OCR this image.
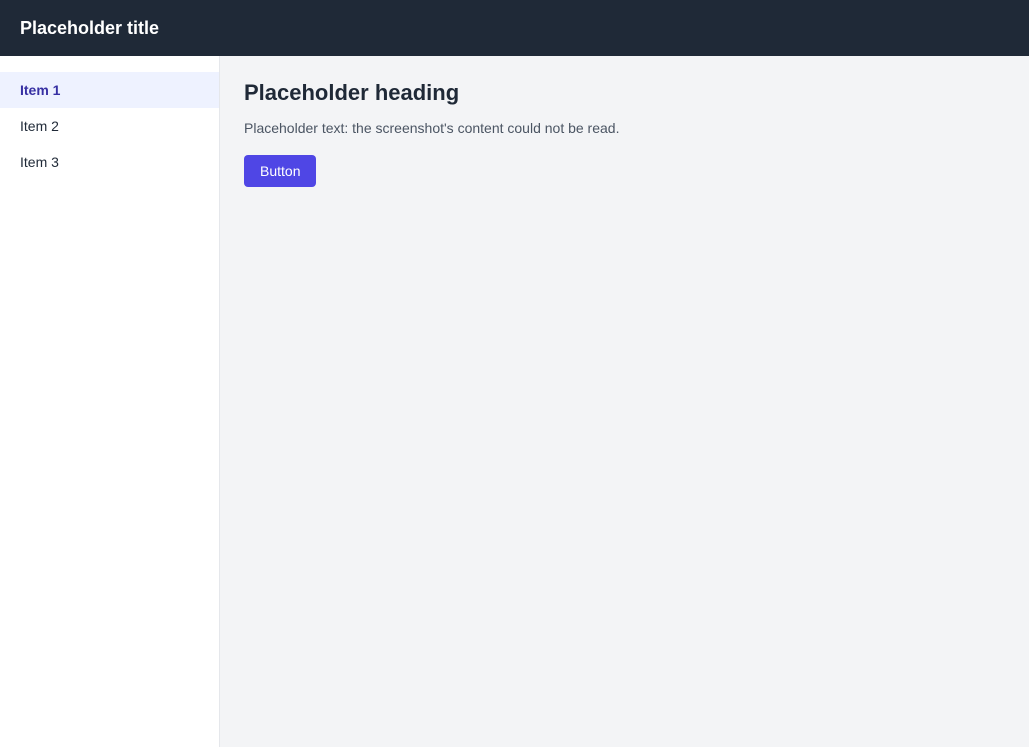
Placeholder title
Item 1
Item 2
Item 3
Placeholder heading

Placeholder text: the screenshot's content could not be read.

Button
